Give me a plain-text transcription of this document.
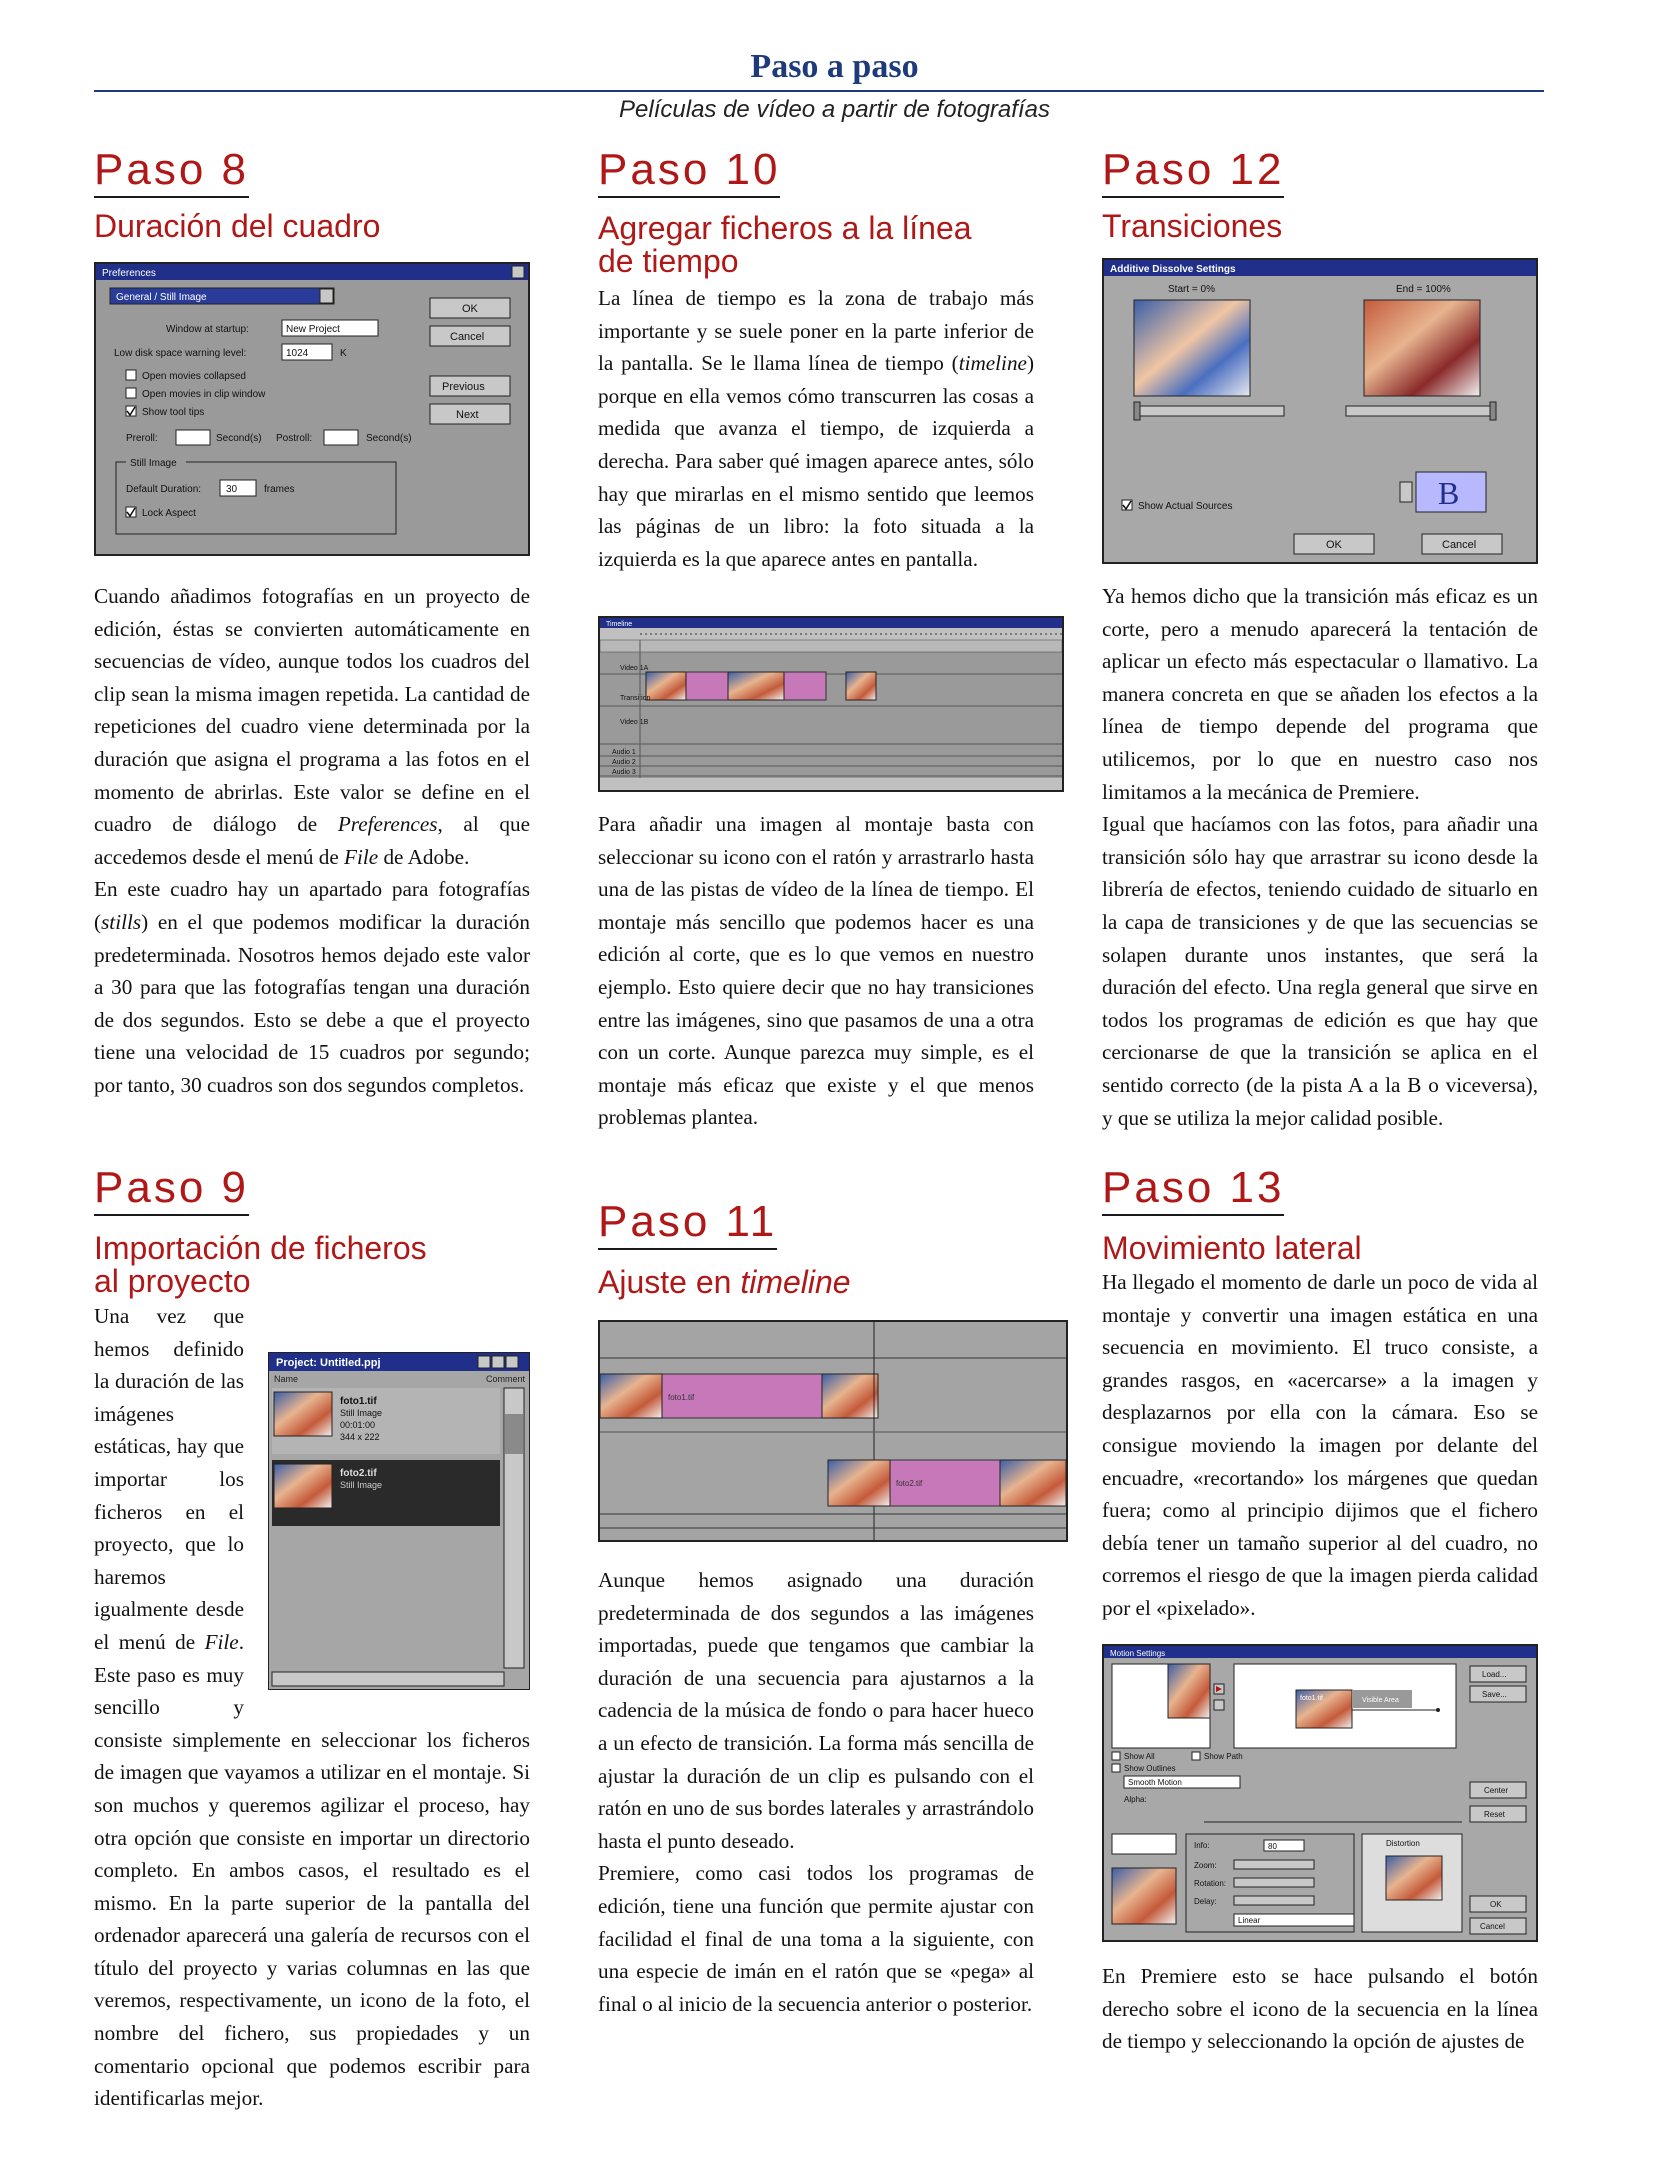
Paso a paso
Películas de vídeo a partir de fotografías
Paso 8
Duración del cuadro
Preferences
General / Still Image
OK
Cancel
Previous
Next
Window at startup:	New Project
Low disk space warning level:	1024	K
Open movies collapsed
Open movies in clip window
Show tool tips
Preroll:	Second(s) Postroll:	Second(s)
Still Image
Default Duration: 30	frames
Lock Aspect

Cuando añadimos fotografías en un proyecto de edición, éstas se convierten automáticamente en secuencias de vídeo, aunque todos los cuadros del clip sean la misma imagen repetida. La cantidad de repeticiones del cuadro viene determinada por la duración que asigna el programa a las fotos en el momento de abrirlas. Este valor se define en el cuadro de diálogo de Preferences, al que accedemos desde el menú de File de Adobe.

En este cuadro hay un apartado para fotografías (stills) en el que podemos modificar la duración predeterminada. Nosotros hemos dejado este valor a 30 para que las fotografías tengan una duración de dos segundos. Esto se debe a que el proyecto tiene una velocidad de 15 cuadros por segundo; por tanto, 30 cuadros son dos segundos completos.

Paso 9
Importación de ficheros
al proyecto
Project: Untitled.ppj
Name	Comment
foto1.tif
Still Image
00:01:00
344 x 222
foto2.tif
Still Image

Una vez que hemos definido la duración de las imágenes estáticas, hay que importar los ficheros en el proyecto, que lo haremos igualmente desde el menú de File. Este paso es muy sencillo y consiste simplemente en seleccionar los ficheros de imagen que vayamos a utilizar en el montaje. Si son muchos y queremos agilizar el proceso, hay otra opción que consiste en importar un directorio completo. En ambos casos, el resultado es el mismo. En la parte superior de la pantalla del ordenador aparecerá una galería de recursos con el título del proyecto y varias columnas en las que veremos, respectivamente, un icono de la foto, el nombre del fichero, sus propiedades y un comentario opcional que podemos escribir para identificarlas mejor.

Paso 10
Agregar ficheros a la línea
de tiempo

La línea de tiempo es la zona de trabajo más importante y se suele poner en la parte inferior de la pantalla. Se le llama línea de tiempo (timeline) porque en ella vemos cómo transcurren las cosas a medida que avanza el tiempo, de izquierda a derecha. Para saber qué imagen aparece antes, sólo hay que mirarlas en el mismo sentido que leemos las páginas de un libro: la foto situada a la izquierda es la que aparece antes en pantalla.

Timeline
Video 1A
Transition
Video 1B
Audio 1
Audio 2
Audio 3

Para añadir una imagen al montaje basta con seleccionar su icono con el ratón y arrastrarlo hasta una de las pistas de vídeo de la línea de tiempo. El montaje más sencillo que podemos hacer es una edición al corte, que es lo que vemos en nuestro ejemplo. Esto quiere decir que no hay transiciones entre las imágenes, sino que pasamos de una a otra con un corte. Aunque parezca muy simple, es el montaje más eficaz que existe y el que menos problemas plantea.

Paso 11
Ajuste en timeline
foto1.tif
foto2.tif

Aunque hemos asignado una duración predeterminada de dos segundos a las imágenes importadas, puede que tengamos que cambiar la duración de una secuencia para ajustarnos a la cadencia de la música de fondo o para hacer hueco a un efecto de transición. La forma más sencilla de ajustar la duración de un clip es pulsando con el ratón en uno de sus bordes laterales y arrastrándolo hasta el punto deseado.

Premiere, como casi todos los programas de edición, tiene una función que permite ajustar con facilidad el final de una toma a la siguiente, con una especie de imán en el ratón que se «pega» al final o al inicio de la secuencia anterior o posterior.

Paso 12
Transiciones
Additive Dissolve Settings
Start = 0%	End = 100%
Show Actual Sources	B
OK	Cancel

Ya hemos dicho que la transición más eficaz es un corte, pero a menudo aparecerá la tentación de aplicar un efecto más espectacular o llamativo. La manera concreta en que se añaden los efectos a la línea de tiempo depende del programa que utilicemos, por lo que en nuestro caso nos limitamos a la mecánica de Premiere.

Igual que hacíamos con las fotos, para añadir una transición sólo hay que arrastrar su icono desde la librería de efectos, teniendo cuidado de situarlo en la capa de transiciones y de que las secuencias se solapen durante unos instantes, que será la duración del efecto. Una regla general que sirve en todos los programas de edición es que hay que cercionarse de que la transición se aplica en el sentido correcto (de la pista A a la B o viceversa), y que se utiliza la mejor calidad posible.

Paso 13
Movimiento lateral

Ha llegado el momento de darle un poco de vida al montaje y convertir una imagen estática en una secuencia en movimiento. El truco consiste, a grandes rasgos, en «acercarse» a la imagen y desplazarnos por ella con la cámara. Eso se consigue moviendo la imagen por delante del encuadre, «recortando» los márgenes que quedan fuera; como al principio dijimos que el fichero debía tener un tamaño superior al del cuadro, no corremos el riesgo de que la imagen pierda calidad por el «pixelado».

Motion Settings
foto1.tif	Visible Area
Load...
Save...
Show All	Show Path
Show Outlines
Smooth Motion
Alpha:
Center
Reset
Info:	80
Zoom:
Rotation:
Delay:
Linear
Distortion
OK
Cancel

En Premiere esto se hace pulsando el botón derecho sobre el icono de la secuencia en la línea de tiempo y seleccionando la opción de ajustes de
